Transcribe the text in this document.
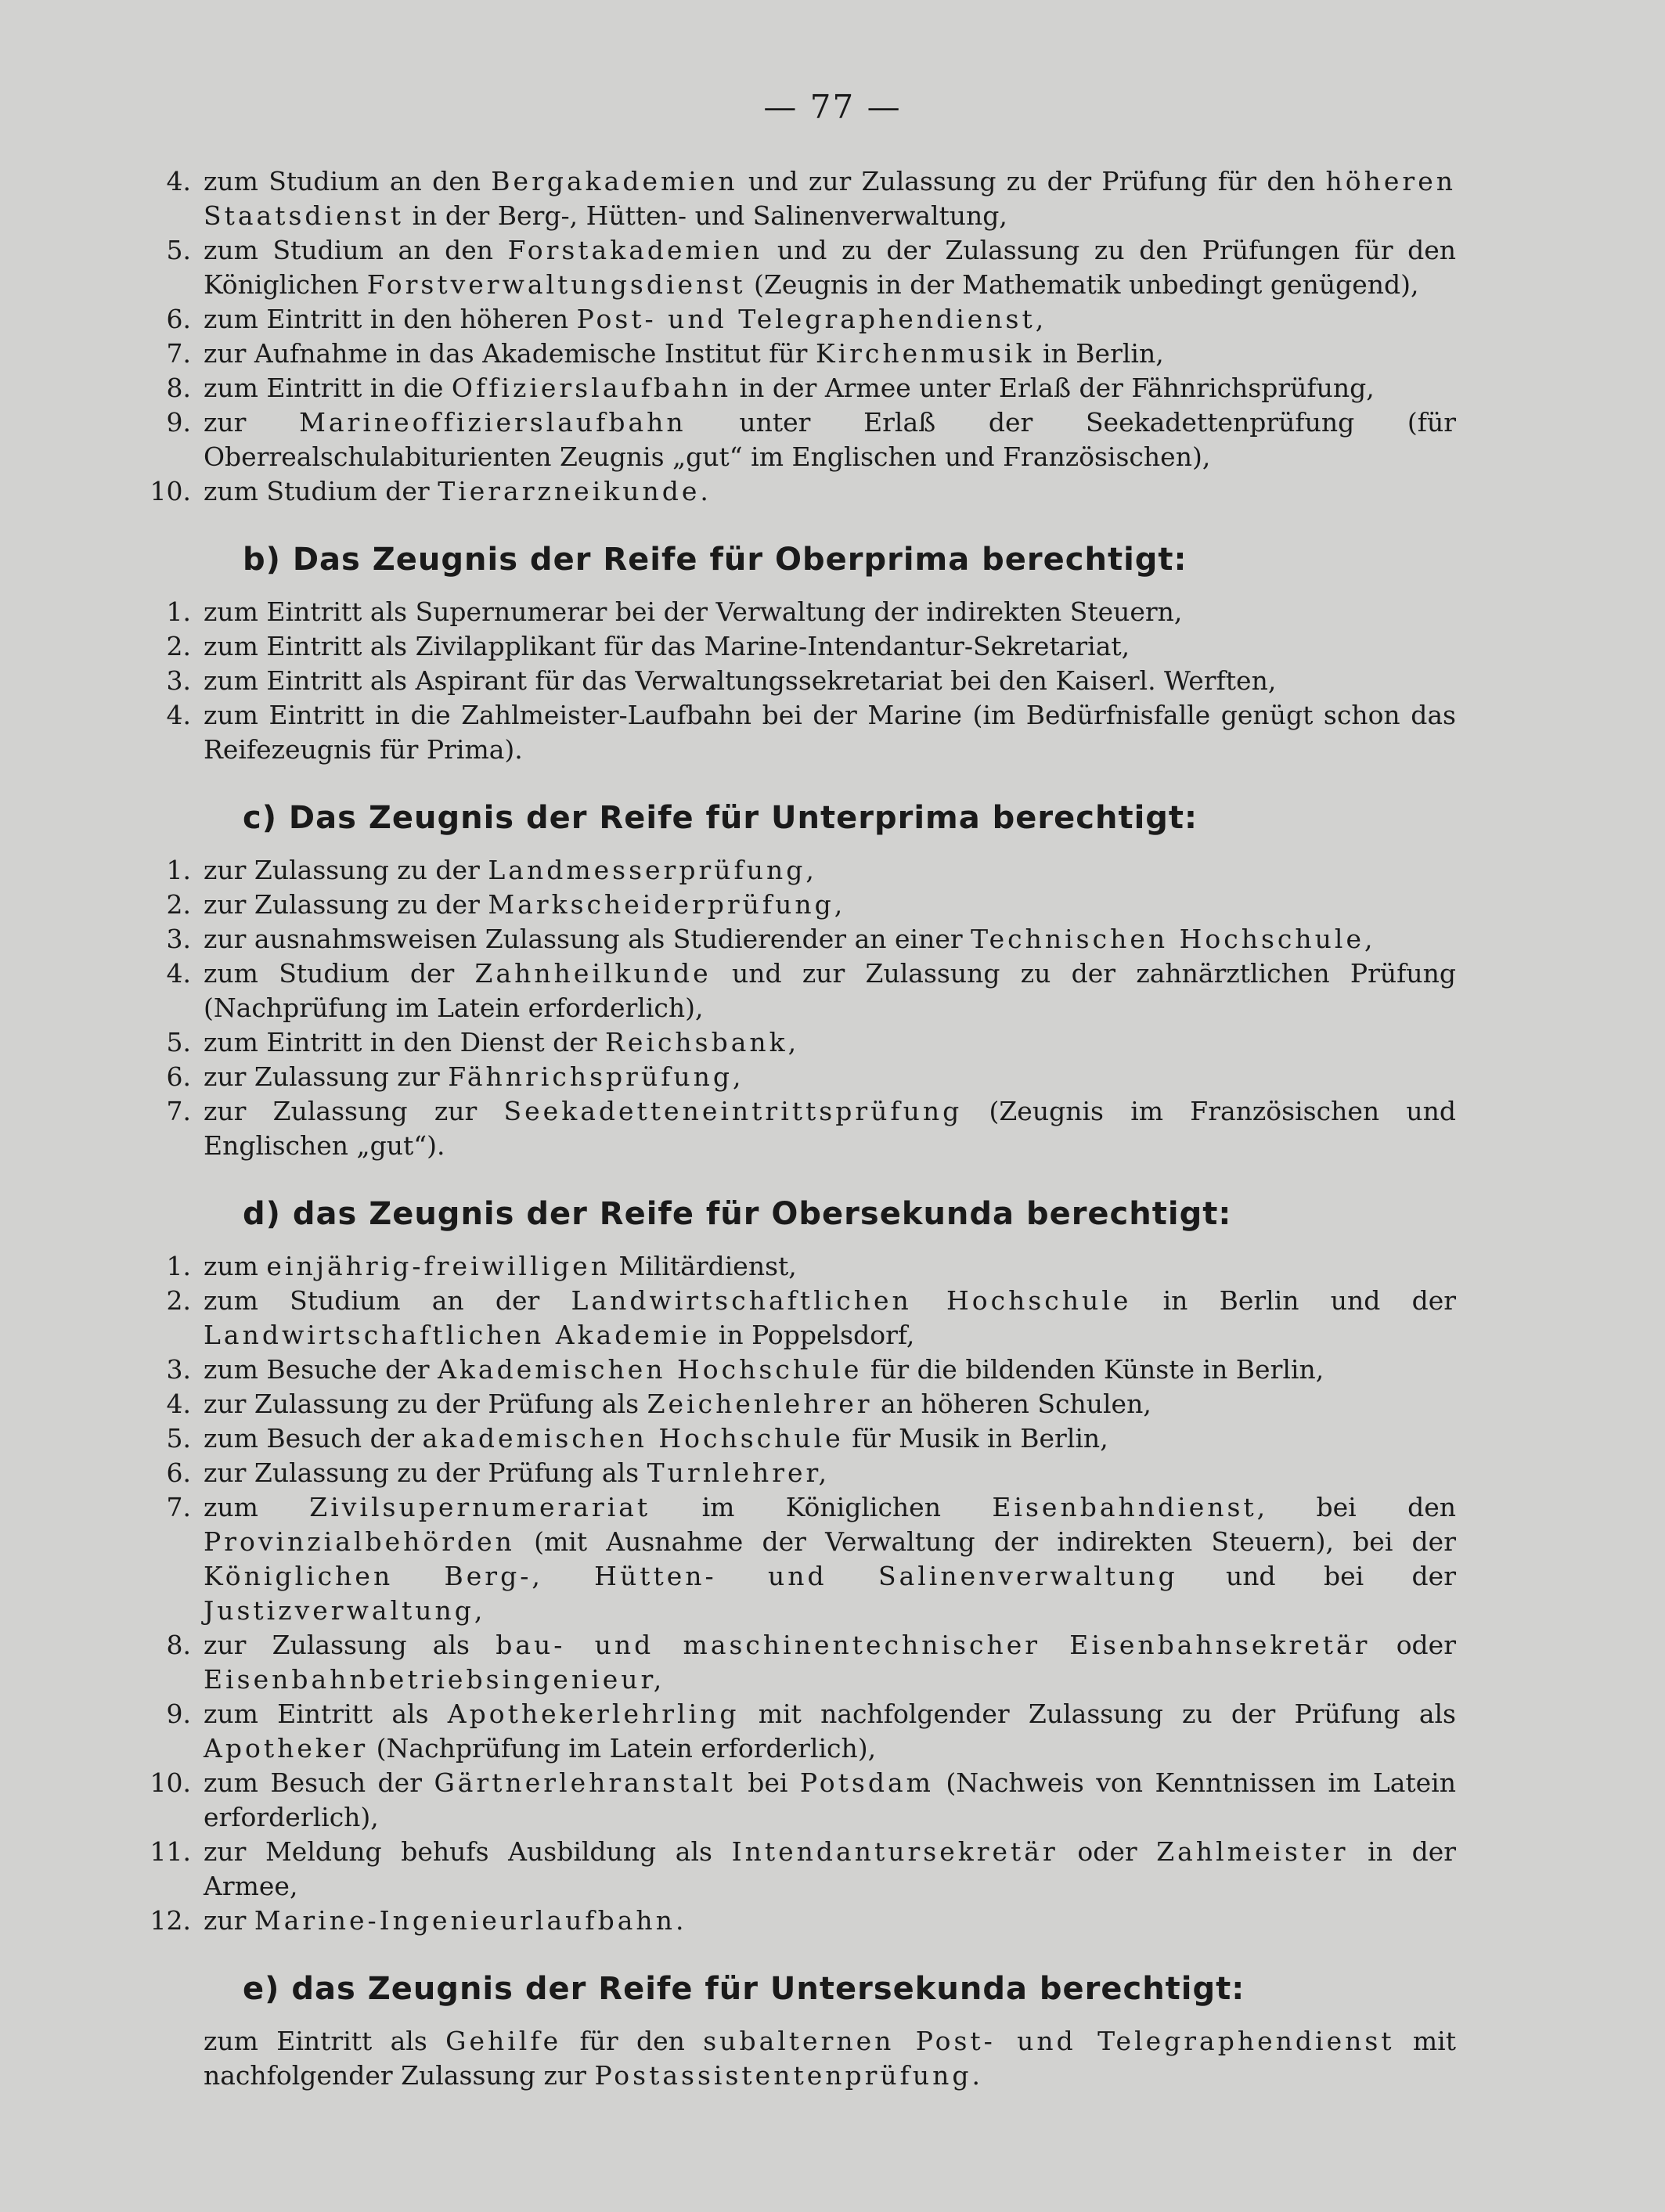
— 77 —
4. zum Studium an den Bergakademien und zur Zulassung zu der Prüfung für den höheren Staatsdienst in der Berg-, Hütten- und Salinenverwaltung,
5. zum Studium an den Forstakademien und zu der Zulassung zu den Prüfungen für den Königlichen Forstverwaltungsdienst (Zeugnis in der Mathematik unbedingt genügend),
6. zum Eintritt in den höheren Post- und Telegraphendienst,
7. zur Aufnahme in das Akademische Institut für Kirchenmusik in Berlin,
8. zum Eintritt in die Offizierslaufbahn in der Armee unter Erlaß der Fähnrichsprüfung,
9. zur Marineoffizierslaufbahn unter Erlaß der Seekadettenprüfung (für Oberrealschulabiturienten Zeugnis „gut“ im Englischen und Französischen),
10. zum Studium der Tierarzneikunde.
b) Das Zeugnis der Reife für Oberprima berechtigt:
1. zum Eintritt als Supernumerar bei der Verwaltung der indirekten Steuern,
2. zum Eintritt als Zivilapplikant für das Marine-Intendantur-Sekretariat,
3. zum Eintritt als Aspirant für das Verwaltungssekretariat bei den Kaiserl. Werften,
4. zum Eintritt in die Zahlmeister-Laufbahn bei der Marine (im Bedürfnisfalle genügt schon das Reifezeugnis für Prima).
c) Das Zeugnis der Reife für Unterprima berechtigt:
1. zur Zulassung zu der Landmesserprüfung,
2. zur Zulassung zu der Markscheiderprüfung,
3. zur ausnahmsweisen Zulassung als Studierender an einer Technischen Hochschule,
4. zum Studium der Zahnheilkunde und zur Zulassung zu der zahnärztlichen Prüfung (Nachprüfung im Latein erforderlich),
5. zum Eintritt in den Dienst der Reichsbank,
6. zur Zulassung zur Fähnrichsprüfung,
7. zur Zulassung zur Seekadetteneintrittsprüfung (Zeugnis im Französischen und Englischen „gut“).
d) das Zeugnis der Reife für Obersekunda berechtigt:
1. zum einjährig-freiwilligen Militärdienst,
2. zum Studium an der Landwirtschaftlichen Hochschule in Berlin und der Landwirtschaftlichen Akademie in Poppelsdorf,
3. zum Besuche der Akademischen Hochschule für die bildenden Künste in Berlin,
4. zur Zulassung zu der Prüfung als Zeichenlehrer an höheren Schulen,
5. zum Besuch der akademischen Hochschule für Musik in Berlin,
6. zur Zulassung zu der Prüfung als Turnlehrer,
7. zum Zivilsupernumerariat im Königlichen Eisenbahndienst, bei den Provinzialbehörden (mit Ausnahme der Verwaltung der indirekten Steuern), bei der Königlichen Berg-, Hütten- und Salinenverwaltung und bei der Justizverwaltung,
8. zur Zulassung als bau- und maschinentechnischer Eisenbahnsekretär oder Eisenbahnbetriebsingenieur,
9. zum Eintritt als Apothekerlehrling mit nachfolgender Zulassung zu der Prüfung als Apotheker (Nachprüfung im Latein erforderlich),
10. zum Besuch der Gärtnerlehranstalt bei Potsdam (Nachweis von Kenntnissen im Latein erforderlich),
11. zur Meldung behufs Ausbildung als Intendantursekretär oder Zahlmeister in der Armee,
12. zur Marine-Ingenieurlaufbahn.
e) das Zeugnis der Reife für Untersekunda berechtigt:
zum Eintritt als Gehilfe für den subalternen Post- und Telegraphendienst mit nachfolgender Zulassung zur Postassistentenprüfung.
